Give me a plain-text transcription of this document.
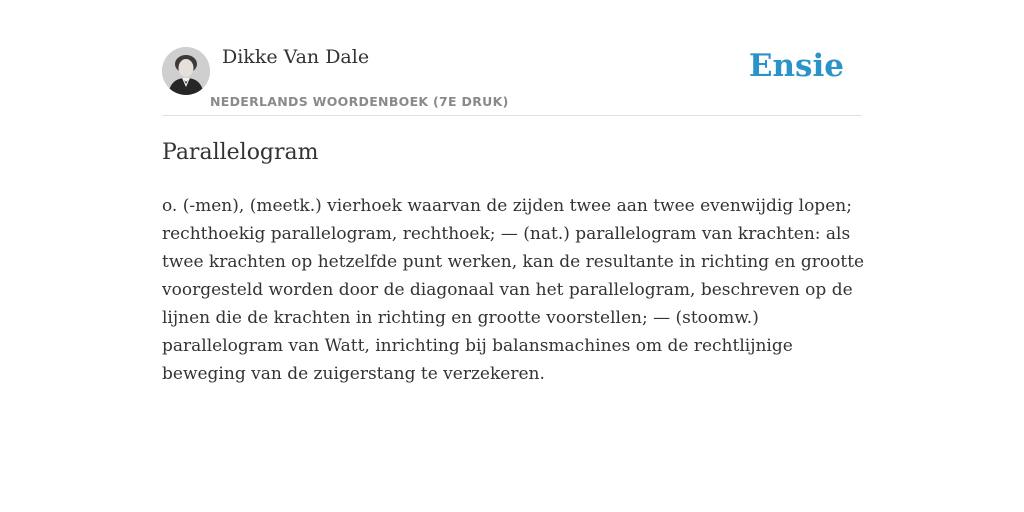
Dikke Van Dale
NEDERLANDS WOORDENBOEK (7E DRUK)
Ensie
Parallelogram

o. (-men), (meetk.) vierhoek waarvan de zijden twee aan twee evenwijdig lopen;
rechthoekig parallelogram, rechthoek; — (nat.) parallelogram van krachten: als
twee krachten op hetzelfde punt werken, kan de resultante in richting en grootte
voorgesteld worden door de diagonaal van het parallelogram, beschreven op de
lijnen die de krachten in richting en grootte voorstellen; — (stoomw.)
parallelogram van Watt, inrichting bij balansmachines om de rechtlijnige
beweging van de zuigerstang te verzekeren.
